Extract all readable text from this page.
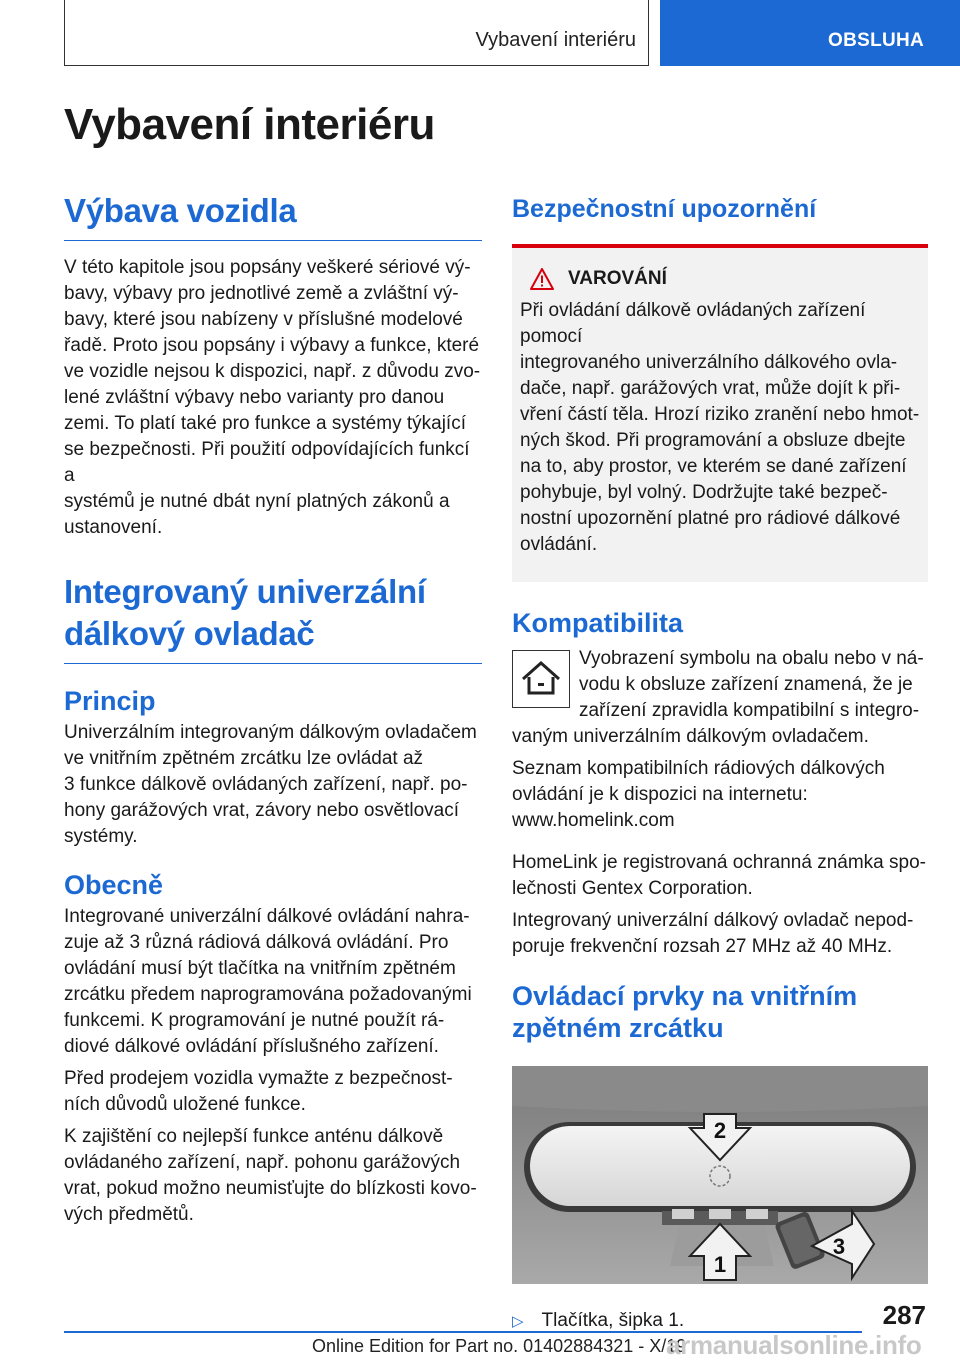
Vybavení interiéru	OBSLUHA
Vybavení interiéru
Výbava vozidla

V této kapitole jsou popsány veškeré sériové vý-
bavy, výbavy pro jednotlivé země a zvláštní vý-
bavy, které jsou nabízeny v příslušné modelové
řadě. Proto jsou popsány i výbavy a funkce, které
ve vozidle nejsou k dispozici, např. z důvodu zvo-
lené zvláštní výbavy nebo varianty pro danou
zemi. To platí také pro funkce a systémy týkající
se bezpečnosti. Při použití odpovídajících funkcí a
systémů je nutné dbát nyní platných zákonů a
ustanovení.

Integrovaný univerzální
dálkový ovladač
Princip

Univerzálním integrovaným dálkovým ovladačem
ve vnitřním zpětném zrcátku lze ovládat až
3 funkce dálkově ovládaných zařízení, např. po-
hony garážových vrat, závory nebo osvětlovací
systémy.

Obecně

Integrované univerzální dálkové ovládání nahra-
zuje až 3 různá rádiová dálková ovládání. Pro
ovládání musí být tlačítka na vnitřním zpětném
zrcátku předem naprogramována požadovanými
funkcemi. K programování je nutné použít rá-
diové dálkové ovládání příslušného zařízení.

Před prodejem vozidla vymažte z bezpečnost-
ních důvodů uložené funkce.

K zajištění co nejlepší funkce anténu dálkově
ovládaného zařízení, např. pohonu garážových
vrat, pokud možno neumisťujte do blízkosti kovo-
vých předmětů.

Bezpečnostní upozornění
VAROVÁNÍ

Při ovládání dálkově ovládaných zařízení pomocí
integrovaného univerzálního dálkového ovla-
dače, např. garážových vrat, může dojít k při-
vření částí těla. Hrozí riziko zranění nebo hmot-
ných škod. Při programování a obsluze dbejte
na to, aby prostor, ve kterém se dané zařízení
pohybuje, byl volný. Dodržujte také bezpeč-
nostní upozornění platné pro rádiové dálkové
ovládání.

Kompatibilita

Vyobrazení symbolu na obalu nebo v ná-
vodu k obsluze zařízení znamená, že je
zařízení zpravidla kompatibilní s integro-

vaným univerzálním dálkovým ovladačem.

Seznam kompatibilních rádiových dálkových
ovládání je k dispozici na internetu:
www.homelink.com

HomeLink je registrovaná ochranná známka spo-
lečnosti Gentex Corporation.

Integrovaný univerzální dálkový ovladač nepod-
poruje frekvenční rozsah 27 MHz až 40 MHz.

Ovládací prvky na vnitřním
zpětném zrcátku
2
1
3
▷ Tlačítka, šipka 1.	287
Online Edition for Part no. 01402884321 - X/19
armanualsonline.info
